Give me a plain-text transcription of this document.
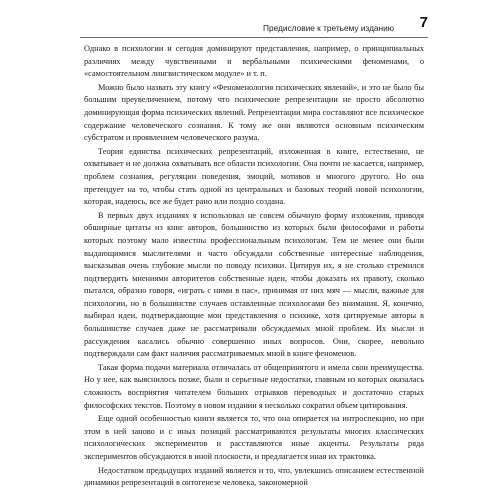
Предисловие к третьему изданию 7

Однако в психологии и сегодня доминируют представления, например, о принципиальных различиях между чувственными и вербальными психическими феноменами, о «самостоятельном лингвистическом модуле» и т. п.

Можно было назвать эту книгу «Феноменология психических явлений», и это не было бы большим преувеличением, потому что психические репрезентации не просто абсолютно доминирующая форма психических явлений. Репрезентации мира составляют все психическое содержание человеческого сознания. К тому же они являются основным психическим субстратом и проявлением человеческого разума.

Теория единства психических репрезентаций, изложенная в книге, естественно, не охватывает и не должна охватывать все области психологии. Она почти не касается, например, проблем сознания, регуляции поведения, эмоций, мотивов и многого другого. Но она претендует на то, чтобы стать одной из центральных и базовых теорий новой психологии, которая, надеюсь, все же будет рано или поздно создана.

В первых двух изданиях я использовал не совсем обычную форму изложения, приводя обширные цитаты из книг авторов, большинство из которых были философами и работы которых поэтому мало известны профессиональным психологам. Тем не менее они были выдающимися мыслителями и часто обсуждали собственные интересные наблюдения, высказывая очень глубокие мысли по поводу психики. Цитируя их, я не столько стремился подтвердить мнениями авторитетов собственные идеи, чтобы доказать их правоту, сколько пытался, образно говоря, «играть с ними в пас», принимая от них мяч — мысли, важные для психологии, но в большинстве случаев оставленные психологами без внимания. Я, конечно, выбирал идеи, подтверждающие мои представления о психике, хотя цитируемые авторы в большинстве случаев даже не рассматривали обсуждаемых мной проблем. Их мысли и рассуждения касались обычно совершенно иных вопросов. Они, скорее, невольно подтверждали сам факт наличия рассматриваемых мной в книге феноменов.

Такая форма подачи материала отличалась от общепринятого и имела свои преимущества. Но у нее, как выяснилось позже, были и серьезные недостатки, главным из которых оказалась сложность восприятия читателем больших отрывков переводных и достаточно старых философских текстов. Поэтому в новом издании я несколько сократил объем цитирования.

Еще одной особенностью книги является то, что она опирается на интроспекцию, но при этом в ней заново и с иных позиций рассматриваются результаты многих классических психологических экспериментов и расставляются иные акценты. Результаты ряда экспериментов обсуждаются в иной плоскости, и предлагается иная их трактовка.

Недостатком предыдущих изданий является и то, что, увлекшись описанием естественной динамики репрезентаций в онтогенезе человека, закономерной
